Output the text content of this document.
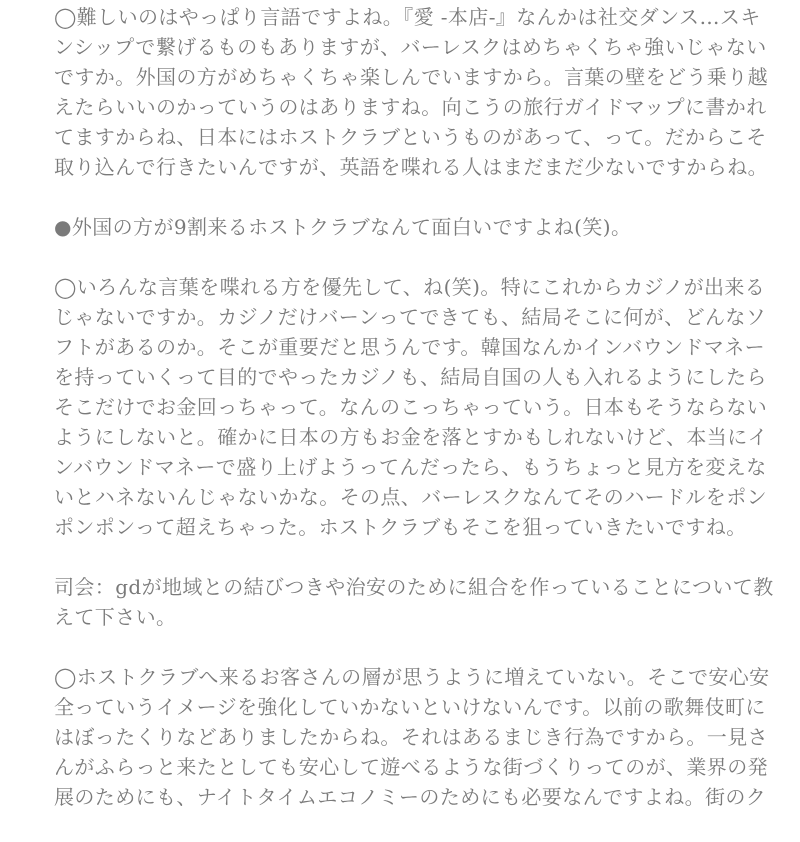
◯難しいのはやっぱり言語ですよね。『愛 -本店-』なんかは社交ダンス…スキ
ンシップで繋げるものもありますが、バーレスクはめちゃくちゃ強いじゃない
ですか。外国の方がめちゃくちゃ楽しんでいますから。言葉の壁をどう乗り越
えたらいいのかっていうのはありますね。向こうの旅行ガイドマップに書かれ
てますからね、日本にはホストクラブというものがあって、って。だからこそ
取り込んで行きたいんですが、英語を喋れる人はまだまだ少ないですからね。
●外国の方が9割来るホストクラブなんて面白いですよね(笑)。
◯いろんな言葉を喋れる方を優先して、ね(笑)。特にこれからカジノが出来る
じゃないですか。カジノだけバーンってできても、結局そこに何が、どんなソ
フトがあるのか。そこが重要だと思うんです。韓国なんかインバウンドマネー
を持っていくって目的でやったカジノも、結局自国の人も入れるようにしたら
そこだけでお金回っちゃって。なんのこっちゃっていう。日本もそうならない
ようにしないと。確かに日本の方もお金を落とすかもしれないけど、本当にイ
ンバウンドマネーで盛り上げようってんだったら、もうちょっと見方を変えな
いとハネないんじゃないかな。その点、バーレスクなんてそのハードルをポン
ポンポンって超えちゃった。ホストクラブもそこを狙っていきたいですね。
司会：gdが地域との結びつきや治安のために組合を作っていることについて教
えて下さい。
◯ホストクラブへ来るお客さんの層が思うように増えていない。そこで安心安
全っていうイメージを強化していかないといけないんです。以前の歌舞伎町に
はぼったくりなどありましたからね。それはあるまじき行為ですから。一見さ
んがふらっと来たとしても安心して遊べるような街づくりってのが、業界の発
展のためにも、ナイトタイムエコノミーのためにも必要なんですよね。街のク
